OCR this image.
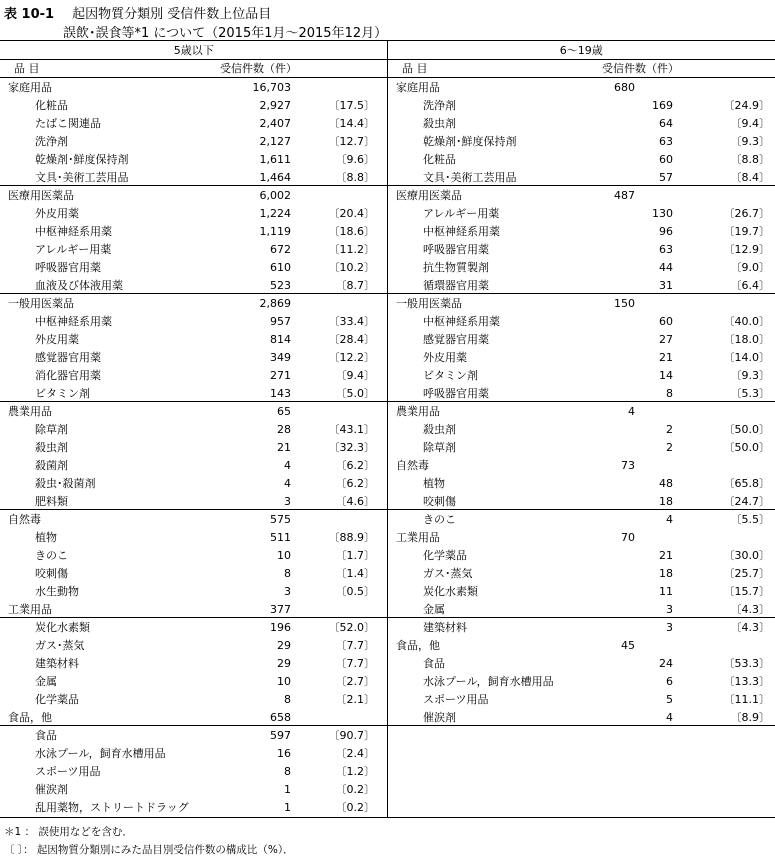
表 10-1 起因物質分類別 受信件数上位品目
誤飲･誤食等*1 について（2015年1月～2015年12月）
5歳以下
品 目	受信件数（件）
家庭用品	16,703
化粧品	2,927	〔17.5〕
たばこ関連品	2,407	〔14.4〕
洗浄剤	2,127	〔12.7〕
乾燥剤･鮮度保持剤	1,611	〔9.6〕
文具･美術工芸用品	1,464	〔8.8〕
医療用医薬品	6,002
外皮用薬	1,224	〔20.4〕
中枢神経系用薬	1,119	〔18.6〕
アレルギー用薬	672	〔11.2〕
呼吸器官用薬	610	〔10.2〕
血液及び体液用薬	523	〔8.7〕
一般用医薬品	2,869
中枢神経系用薬	957	〔33.4〕
外皮用薬	814	〔28.4〕
感覚器官用薬	349	〔12.2〕
消化器官用薬	271	〔9.4〕
ビタミン剤	143	〔5.0〕
農業用品	65
除草剤	28	〔43.1〕
殺虫剤	21	〔32.3〕
殺菌剤	4	〔6.2〕
殺虫･殺菌剤	4	〔6.2〕
肥料類	3	〔4.6〕
自然毒	575
植物	511	〔88.9〕
きのこ	10	〔1.7〕
咬刺傷	8	〔1.4〕
水生動物	3	〔0.5〕
工業用品	377
炭化水素類	196	〔52.0〕
ガス･蒸気	29	〔7.7〕
建築材料	29	〔7.7〕
金属	10	〔2.7〕
化学薬品	8	〔2.1〕
食品，他	658
食品	597	〔90.7〕
水泳プール，飼育水槽用品	16	〔2.4〕
スポーツ用品	8	〔1.2〕
催涙剤	1	〔0.2〕
乱用薬物，ストリートドラッグ	1	〔0.2〕
6～19歳
品 目	受信件数（件）
家庭用品	680
洗浄剤	169	〔24.9〕
殺虫剤	64	〔9.4〕
乾燥剤･鮮度保持剤	63	〔9.3〕
化粧品	60	〔8.8〕
文具･美術工芸用品	57	〔8.4〕
医療用医薬品	487
アレルギー用薬	130	〔26.7〕
中枢神経系用薬	96	〔19.7〕
呼吸器官用薬	63	〔12.9〕
抗生物質製剤	44	〔9.0〕
循環器官用薬	31	〔6.4〕
一般用医薬品	150
中枢神経系用薬	60	〔40.0〕
感覚器官用薬	27	〔18.0〕
外皮用薬	21	〔14.0〕
ビタミン剤	14	〔9.3〕
呼吸器官用薬	8	〔5.3〕
農業用品	4
殺虫剤	2	〔50.0〕
除草剤	2	〔50.0〕
自然毒	73
植物	48	〔65.8〕
咬刺傷	18	〔24.7〕
きのこ	4	〔5.5〕
工業用品	70
化学薬品	21	〔30.0〕
ガス･蒸気	18	〔25.7〕
炭化水素類	11	〔15.7〕
金属	3	〔4.3〕
建築材料	3	〔4.3〕
食品，他	45
食品	24	〔53.3〕
水泳プール，飼育水槽用品	6	〔13.3〕
スポーツ用品	5	〔11.1〕
催涙剤	4	〔8.9〕
＊1 ： 誤使用などを含む．
〔 〕： 起因物質分類別にみた品目別受信件数の構成比（%）．
